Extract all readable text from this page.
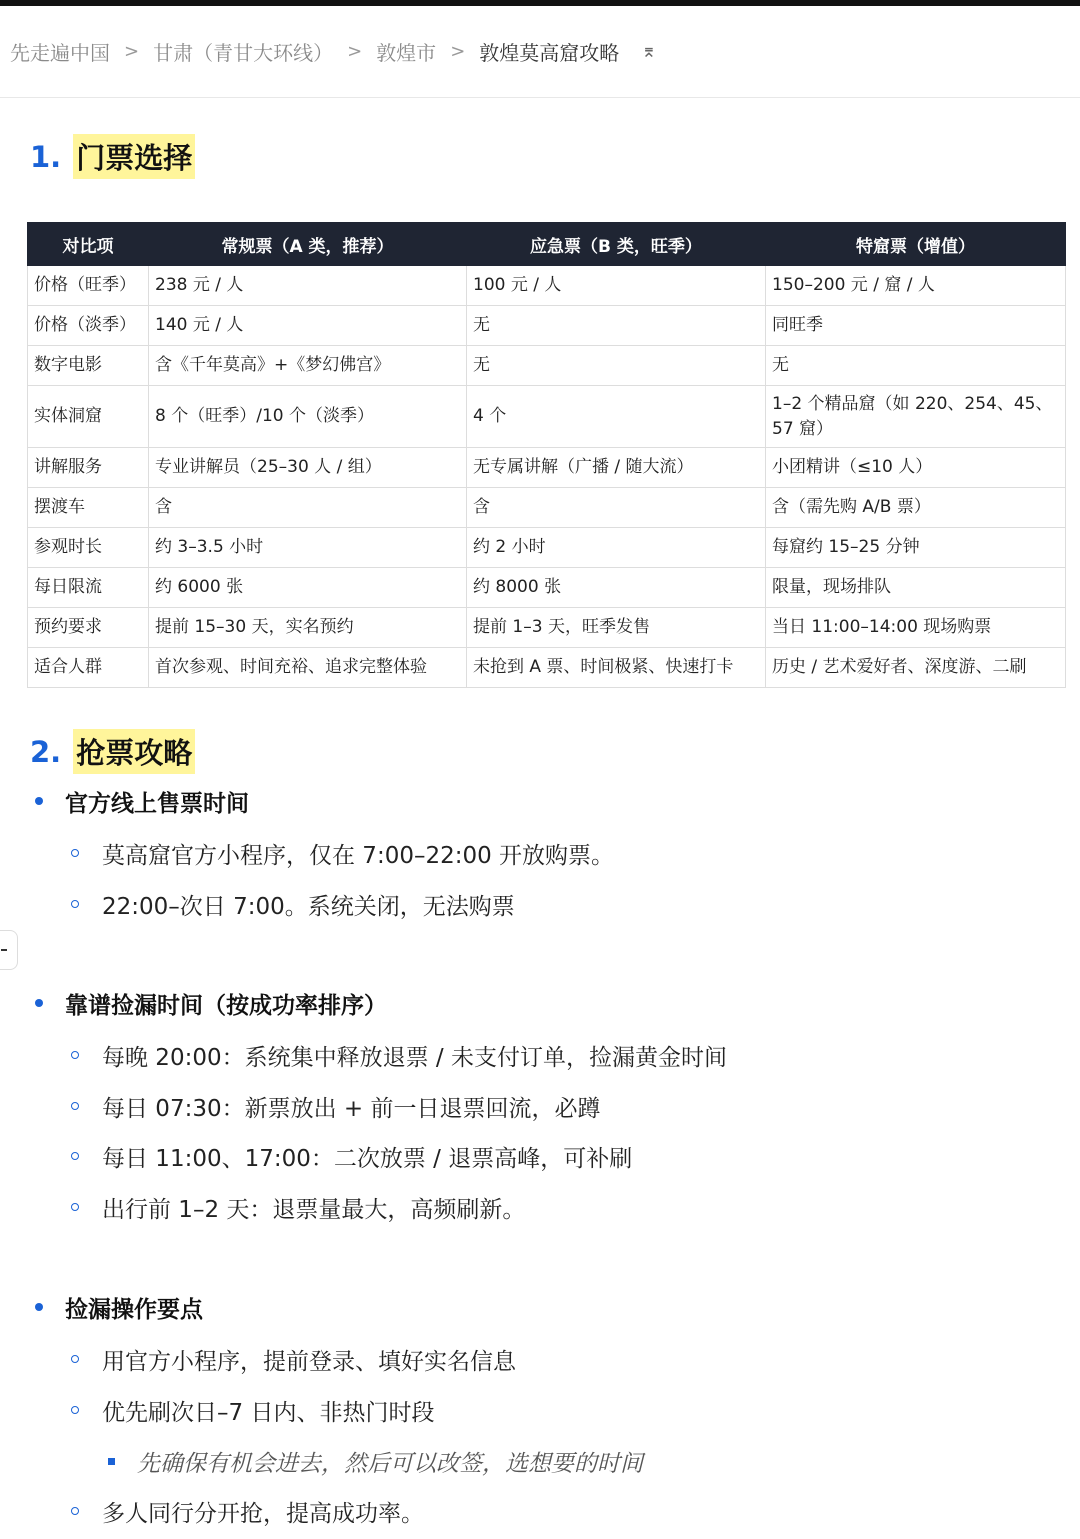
先走遍中国 > 甘肃（青甘大环线） > 敦煌市 > 敦煌莫高窟攻略 ⌆
1. 门票选择
对比项	常规票（A 类，推荐）	应急票（B 类，旺季）	特窟票（增值）
价格（旺季）	238 元 / 人	100 元 / 人	150–200 元 / 窟 / 人
价格（淡季）	140 元 / 人	无	同旺季
数字电影	含《千年莫高》+《梦幻佛宫》	无	无
实体洞窟	8 个（旺季）/10 个（淡季）	4 个	1–2 个精品窟（如 220、254、45、57 窟）
讲解服务	专业讲解员（25–30 人 / 组）	无专属讲解（广播 / 随大流）	小团精讲（≤10 人）
摆渡车	含	含	含（需先购 A/B 票）
参观时长	约 3–3.5 小时	约 2 小时	每窟约 15–25 分钟
每日限流	约 6000 张	约 8000 张	限量，现场排队
预约要求	提前 15–30 天，实名预约	提前 1–3 天，旺季发售	当日 11:00–14:00 现场购票
适合人群	首次参观、时间充裕、追求完整体验	未抢到 A 票、时间极紧、快速打卡	历史 / 艺术爱好者、深度游、二刷
2. 抢票攻略
官方线上售票时间
莫高窟官方小程序，仅在 7:00–22:00 开放购票。
22:00–次日 7:00。系统关闭，无法购票
靠谱捡漏时间（按成功率排序）
每晚 20:00：系统集中释放退票 / 未支付订单，捡漏黄金时间
每日 07:30：新票放出 + 前一日退票回流，必蹲
每日 11:00、17:00：二次放票 / 退票高峰，可补刷
出行前 1–2 天：退票量最大，高频刷新。
捡漏操作要点
用官方小程序，提前登录、填好实名信息
优先刷次日–7 日内、非热门时段
先确保有机会进去，然后可以改签，选想要的时间
多人同行分开抢，提高成功率。
